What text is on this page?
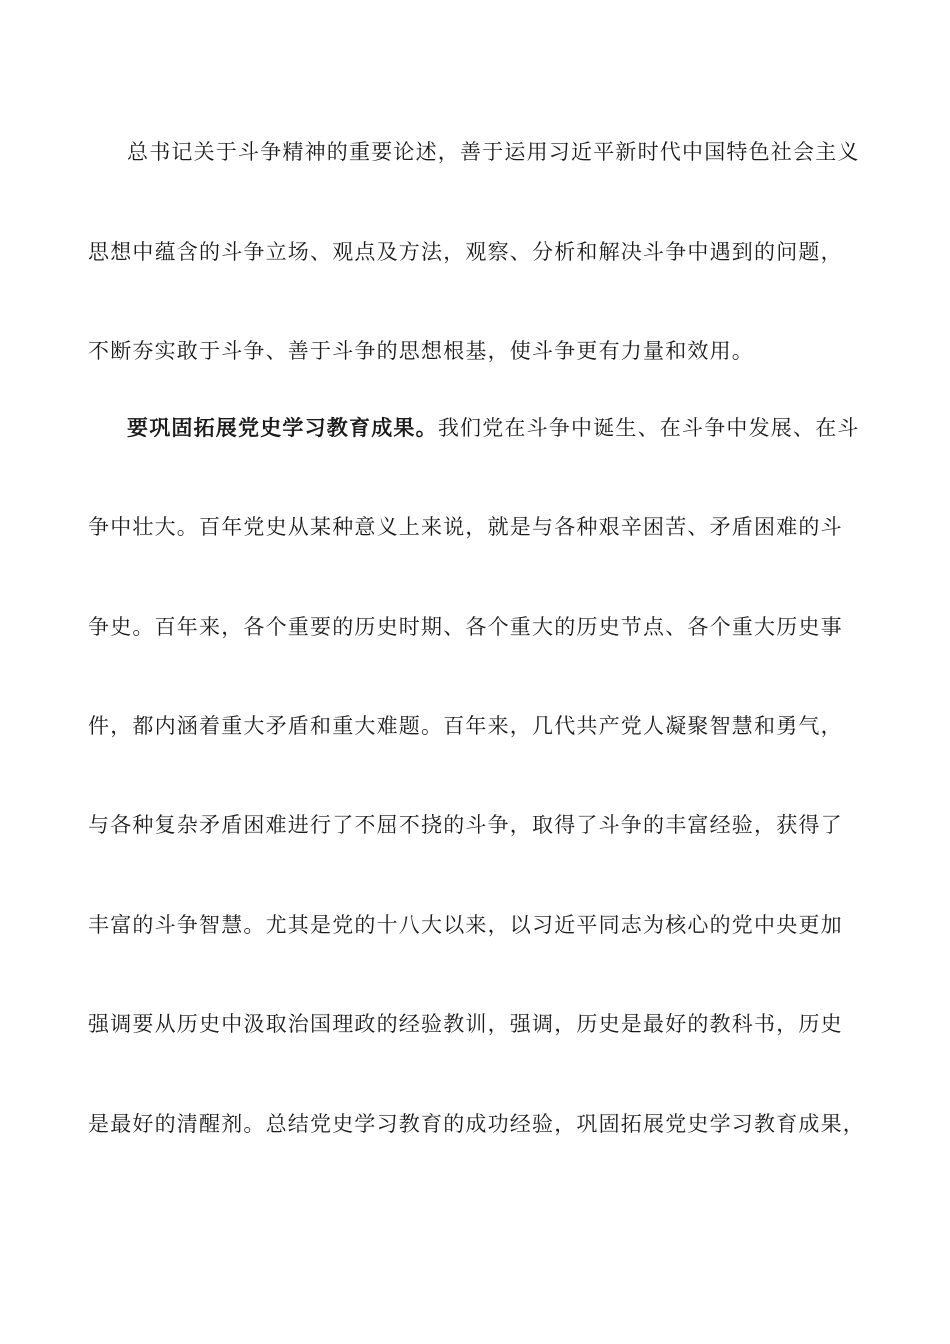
总书记关于斗争精神的重要论述，善于运用习近平新时代中国特色社会主义
思想中蕴含的斗争立场、观点及方法，观察、分析和解决斗争中遇到的问题，
不断夯实敢于斗争、善于斗争的思想根基，使斗争更有力量和效用。
要巩固拓展党史学习教育成果。我们党在斗争中诞生、在斗争中发展、在斗
争中壮大。百年党史从某种意义上来说，就是与各种艰辛困苦、矛盾困难的斗
争史。百年来，各个重要的历史时期、各个重大的历史节点、各个重大历史事
件，都内涵着重大矛盾和重大难题。百年来，几代共产党人凝聚智慧和勇气，
与各种复杂矛盾困难进行了不屈不挠的斗争，取得了斗争的丰富经验，获得了
丰富的斗争智慧。尤其是党的十八大以来，以习近平同志为核心的党中央更加
强调要从历史中汲取治国理政的经验教训，强调，历史是最好的教科书，历史
是最好的清醒剂。总结党史学习教育的成功经验，巩固拓展党史学习教育成果，
